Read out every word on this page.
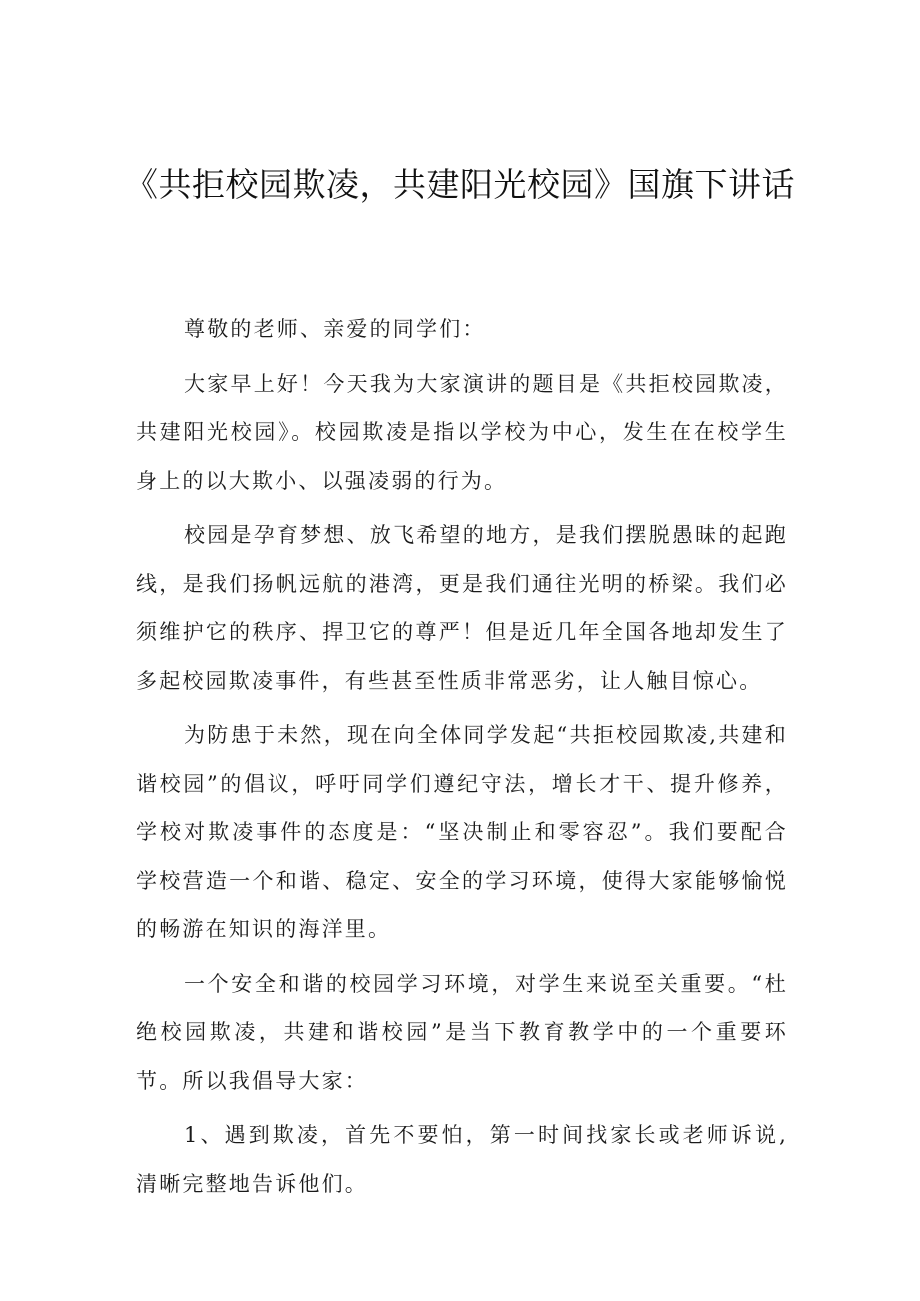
《共拒校园欺凌，共建阳光校园》国旗下讲话

尊敬的老师、亲爱的同学们：

大家早上好！今天我为大家演讲的题目是《共拒校园欺凌，共建阳光校园》。校园欺凌是指以学校为中心，发生在在校学生身上的以大欺小、以强凌弱的行为。

校园是孕育梦想、放飞希望的地方，是我们摆脱愚昧的起跑线，是我们扬帆远航的港湾，更是我们通往光明的桥梁。我们必须维护它的秩序、捍卫它的尊严！但是近几年全国各地却发生了多起校园欺凌事件，有些甚至性质非常恶劣，让人触目惊心。

为防患于未然，现在向全体同学发起“共拒校园欺凌,共建和谐校园”的倡议，呼吁同学们遵纪守法，增长才干、提升修养，学校对欺凌事件的态度是：“坚决制止和零容忍”。我们要配合学校营造一个和谐、稳定、安全的学习环境，使得大家能够愉悦的畅游在知识的海洋里。

一个安全和谐的校园学习环境，对学生来说至关重要。“杜绝校园欺凌，共建和谐校园”是当下教育教学中的一个重要环节。所以我倡导大家：

1、遇到欺凌，首先不要怕，第一时间找家长或老师诉说,清晰完整地告诉他们。
